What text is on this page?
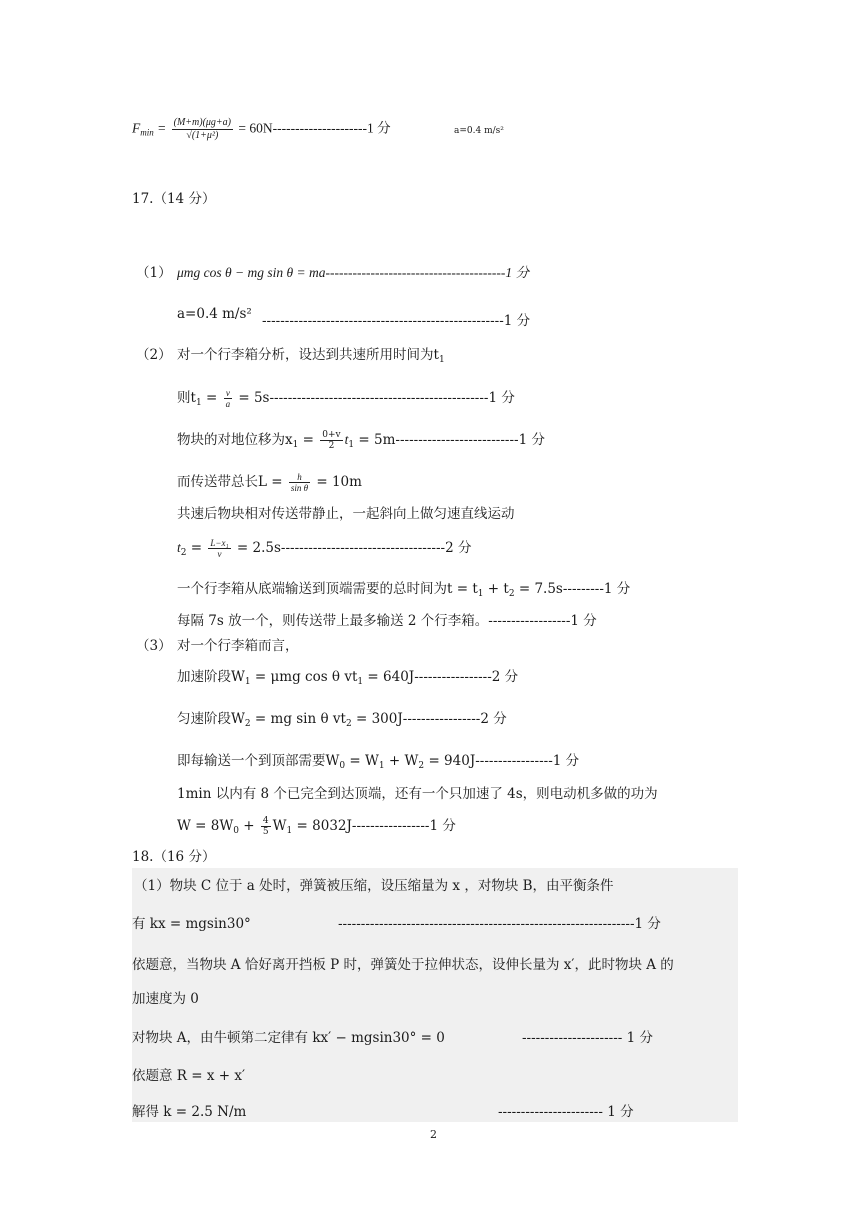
$F_{min} = \frac{(M+m)(\mu g+a)}{\text{√(1+μ²)}} = 60N---------------------1$ 分	a=0.4 m/s²
17.（14 分）
（1） μmg cos θ − mg sin θ = ma----------------------------------------1 分
a=0.4 m/s² -----------------------------------------------------1 分
（2） 对一个行李箱分析，设达到共速所用时间为$t_1$
则$t_1 = \frac{v}{a} = 5s------------------------------------------------1$ 分
物块的对地位移为$x_1 = \frac{0+v}{2} t_1 = 5m---------------------------1$ 分
而传送带总长$L = \frac{h}{\text{sin θ}} = 10m$
共速后物块相对传送带静止，一起斜向上做匀速直线运动
$t_2 = \frac{\text{L−x₁}}{v} = 2.5s------------------------------------2$ 分
一个行李箱从底端输送到顶端需要的总时间为$t = t_1 + t_2 = 7.5s---------1$ 分
每隔 7s 放一个，则传送带上最多输送 2 个行李箱。------------------1 分
（3） 对一个行李箱而言，
加速阶段$W_1 = \mu mg$ cos θ $vt_1 = 640J-----------------2$ 分
匀速阶段$W_2$ = mg sin θ $vt_2 = 300J-----------------2$ 分
即每输送一个到顶部需要$W_0 = W_1 + W_2 = 940J-----------------1$ 分
1min 以内有 8 个已完全到达顶端，还有一个只加速了 4s，则电动机多做的功为
$W = 8W_0 + \frac{4}{5} W_1 = 8032J-----------------1$ 分
18.（16 分）
（1）物块 C 位于 a 处时，弹簧被压缩，设压缩量为 x ，对物块 B，由平衡条件
有 kx = mgsin30°	-----------------------------------------------------------------1 分
依题意，当物块 A 恰好离开挡板 P 时，弹簧处于拉伸状态，设伸长量为 x′，此时物块 A 的
加速度为 0
对物块 A，由牛顿第二定律有 kx′ − mgsin30° = 0	---------------------- 1 分
依题意 R = x + x′
解得 k = 2.5 N/m	----------------------- 1 分
2
